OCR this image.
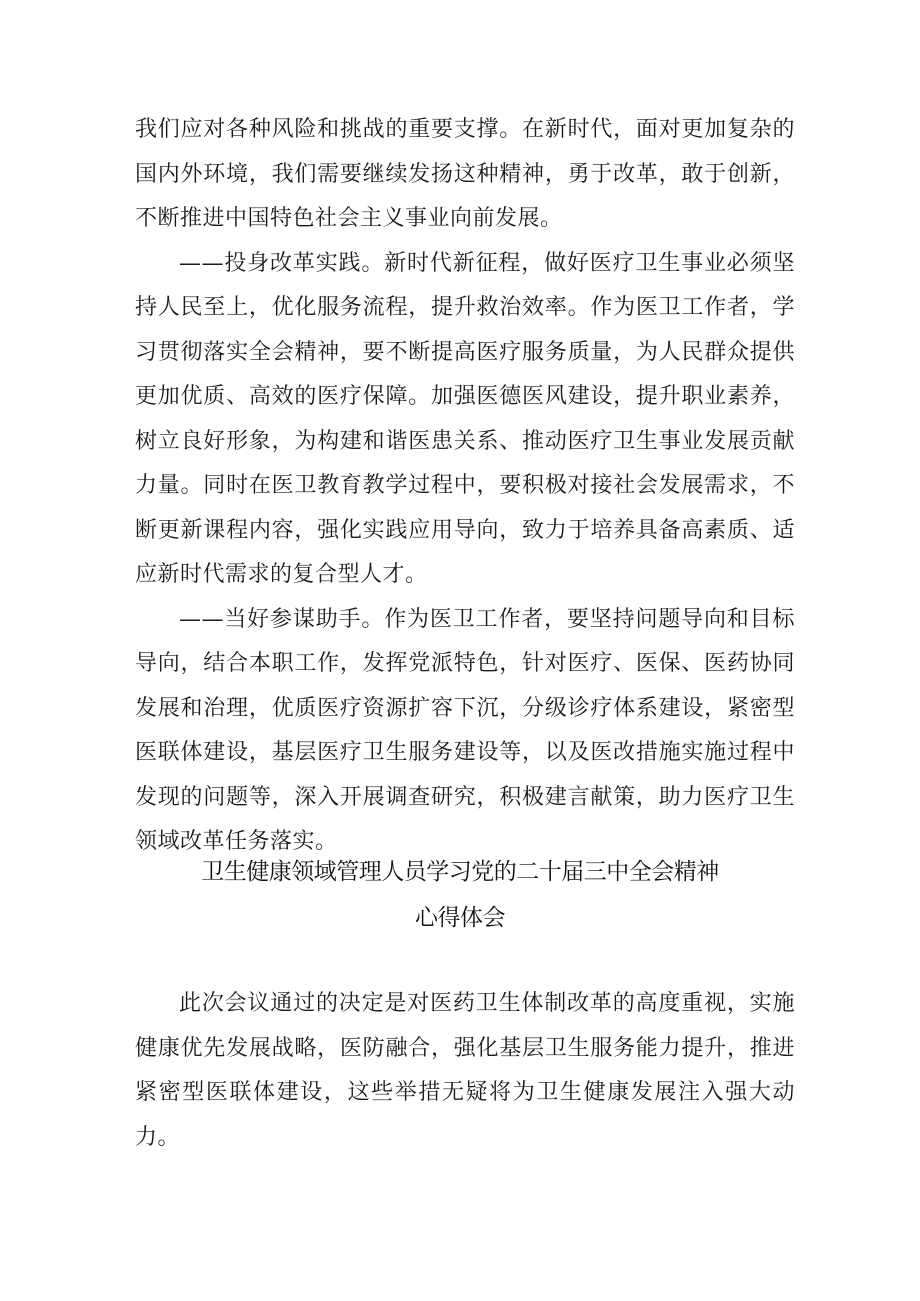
我们应对各种风险和挑战的重要支撑。在新时代，面对更加复杂的国内外环境，我们需要继续发扬这种精神，勇于改革，敢于创新，不断推进中国特色社会主义事业向前发展。

——投身改革实践。新时代新征程，做好医疗卫生事业必须坚持人民至上，优化服务流程，提升救治效率。作为医卫工作者，学习贯彻落实全会精神，要不断提高医疗服务质量，为人民群众提供更加优质、高效的医疗保障。加强医德医风建设，提升职业素养，树立良好形象，为构建和谐医患关系、推动医疗卫生事业发展贡献力量。同时在医卫教育教学过程中，要积极对接社会发展需求，不断更新课程内容，强化实践应用导向，致力于培养具备高素质、适应新时代需求的复合型人才。

——当好参谋助手。作为医卫工作者，要坚持问题导向和目标导向，结合本职工作，发挥党派特色，针对医疗、医保、医药协同发展和治理，优质医疗资源扩容下沉，分级诊疗体系建设，紧密型医联体建设，基层医疗卫生服务建设等，以及医改措施实施过程中发现的问题等，深入开展调查研究，积极建言献策，助力医疗卫生领域改革任务落实。

卫生健康领域管理人员学习党的二十届三中全会精神
心得体会

此次会议通过的决定是对医药卫生体制改革的高度重视，实施健康优先发展战略，医防融合，强化基层卫生服务能力提升，推进紧密型医联体建设，这些举措无疑将为卫生健康发展注入强大动力。
